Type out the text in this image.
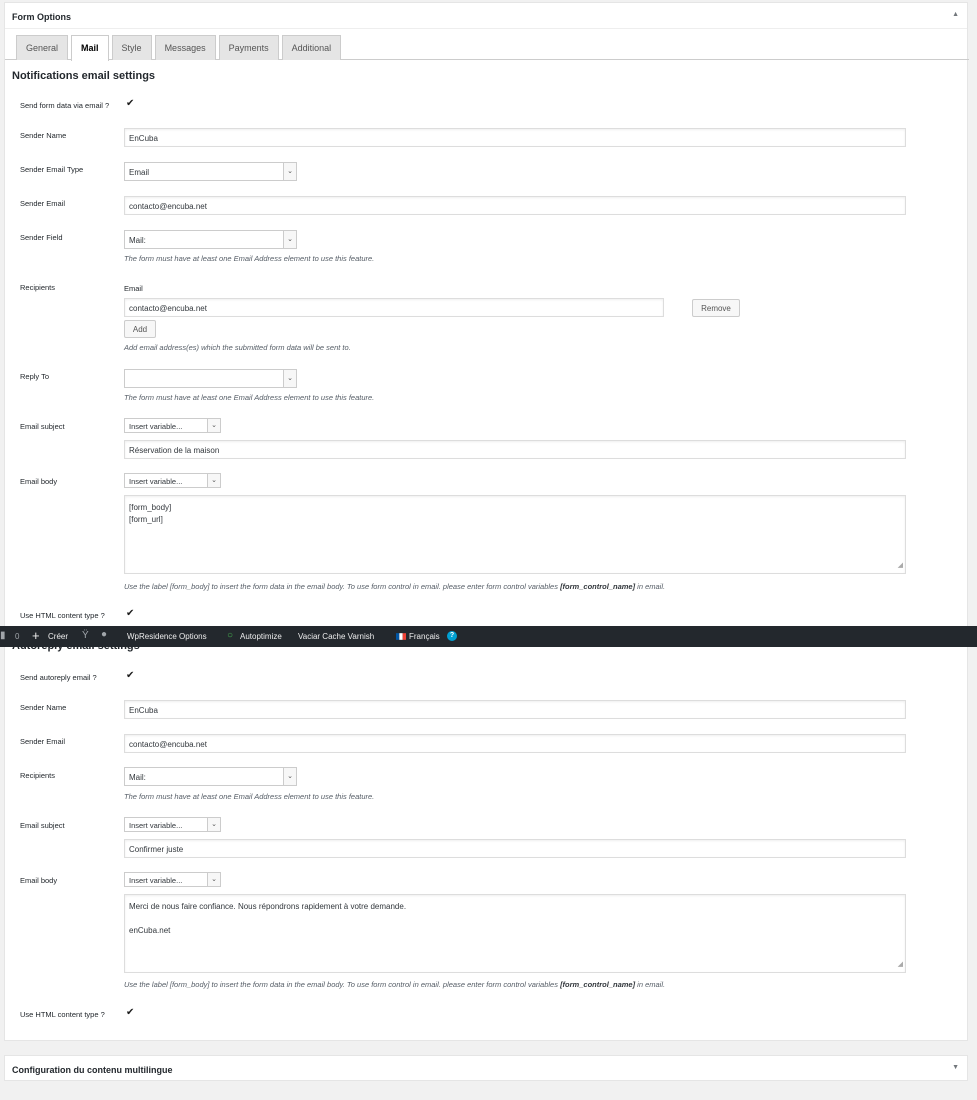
Form Options	▲
General	Mail	Style	Messages	Payments	Additional
Notifications email settings
Send form data via email ? ✔
Sender Name	EnCuba
Sender Email Type	Email	⌄
Sender Email	contacto@encuba.net
Sender Field	Mail:	⌄
The form must have at least one Email Address element to use this feature.
Recipients	Email
contacto@encuba.net	Remove
Add
Add email address(es) which the submitted form data will be sent to.
Reply To	⌄
The form must have at least one Email Address element to use this feature.
Email subject	Insert variable...	⌄
Réservation de la maison
Email body	Insert variable...	⌄
[form_body]
[form_url]
◢
Use the label [form_body] to insert the form data in the email body. To use form control in email. please enter form control variables [form_control_name] in email.
Use HTML content type ? ✔
Send autoreply email ?	✔
Sender Name	EnCuba
Sender Email	contacto@encuba.net
Recipients	Mail:	⌄
The form must have at least one Email Address element to use this feature.
Email subject	Insert variable...	⌄
Confirmer juste
Email body	Insert variable...	⌄
Merci de nous faire confiance. Nous répondrons rapidement à votre demande.
enCuba.net
◢
Use the label [form_body] to insert the form data in the email body. To use form control in email. please enter form control variables [form_control_name] in email.
Use HTML content type ? ✔
▮ 0 + Créer Ÿ ● WpResidence Options ○ Autoptimize Vaciar Cache Varnish	Français	?
Configuration du contenu multilingue	▼
